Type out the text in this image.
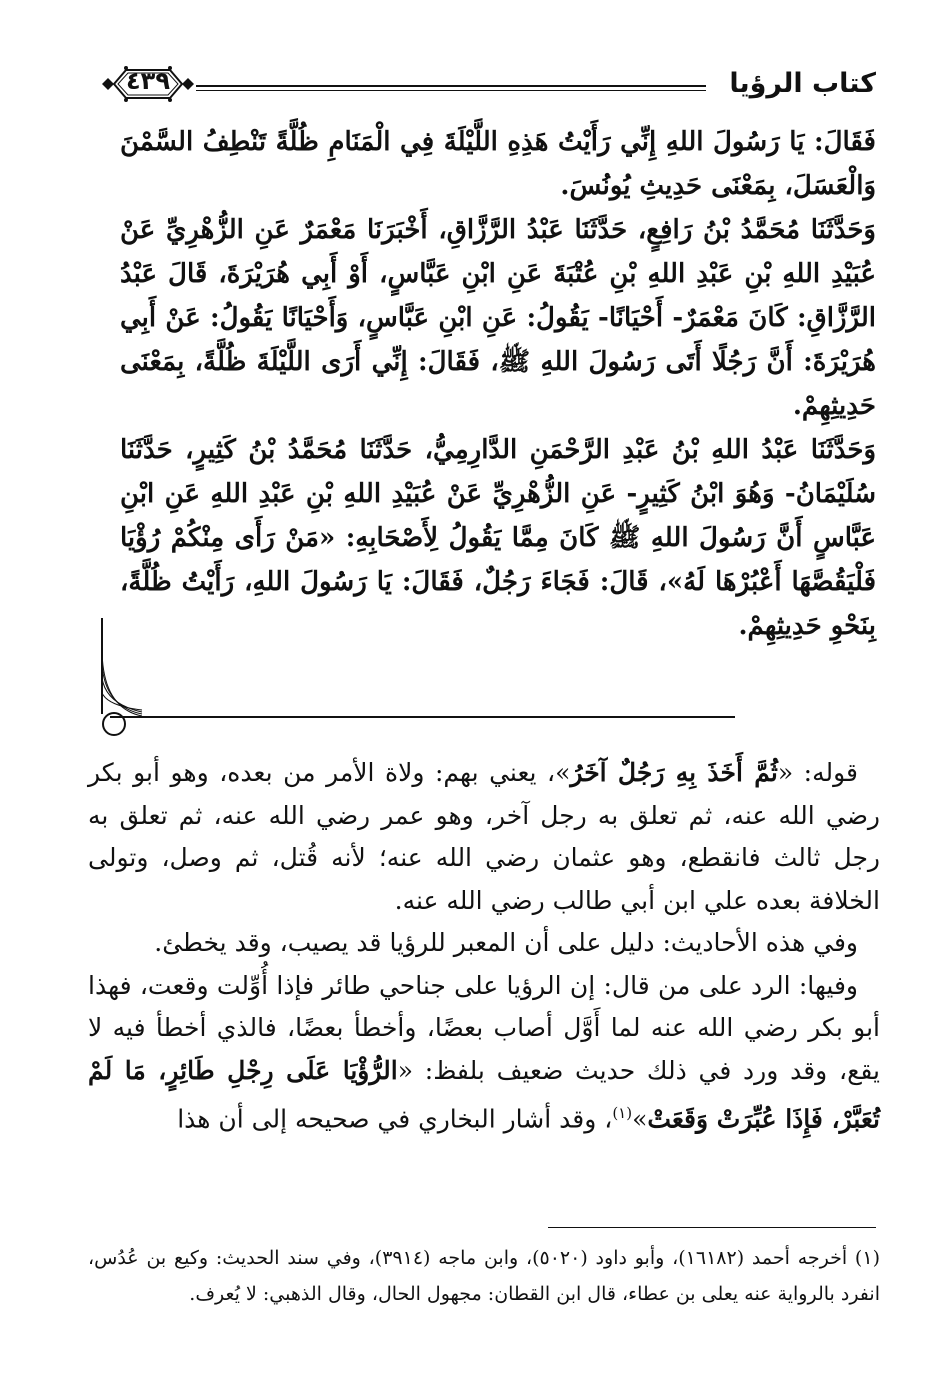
كتاب الرؤيا
٤٣٩

فَقَالَ: يَا رَسُولَ اللهِ إِنِّي رَأَيْتُ هَذِهِ اللَّيْلَةَ فِي الْمَنَامِ ظُلَّةً تَنْطِفُ السَّمْنَ وَالْعَسَلَ، بِمَعْنَى حَدِيثِ يُونُسَ.

وَحَدَّثَنَا مُحَمَّدُ بْنُ رَافِعٍ، حَدَّثَنَا عَبْدُ الرَّزَّاقِ، أَخْبَرَنَا مَعْمَرٌ عَنِ الزُّهْرِيِّ عَنْ عُبَيْدِ اللهِ بْنِ عَبْدِ اللهِ بْنِ عُتْبَةَ عَنِ ابْنِ عَبَّاسٍ، أَوْ أَبِي هُرَيْرَةَ، قَالَ عَبْدُ الرَّزَّاقِ: كَانَ مَعْمَرٌ- أَحْيَانًا- يَقُولُ: عَنِ ابْنِ عَبَّاسٍ، وَأَحْيَانًا يَقُولُ: عَنْ أَبِي هُرَيْرَةَ: أَنَّ رَجُلًا أَتَى رَسُولَ اللهِ ﷺ، فَقَالَ: إِنِّي أَرَى اللَّيْلَةَ ظُلَّةً، بِمَعْنَى حَدِيثِهِمْ.

وَحَدَّثَنَا عَبْدُ اللهِ بْنُ عَبْدِ الرَّحْمَنِ الدَّارِمِيُّ، حَدَّثَنَا مُحَمَّدُ بْنُ كَثِيرٍ، حَدَّثَنَا سُلَيْمَانُ- وَهُوَ ابْنُ كَثِيرٍ- عَنِ الزُّهْرِيِّ عَنْ عُبَيْدِ اللهِ بْنِ عَبْدِ اللهِ عَنِ ابْنِ عَبَّاسٍ أَنَّ رَسُولَ اللهِ ﷺ كَانَ مِمَّا يَقُولُ لِأَصْحَابِهِ: «مَنْ رَأَى مِنْكُمْ رُؤْيَا فَلْيَقُصَّهَا أَعْبُرْهَا لَهُ»، قَالَ: فَجَاءَ رَجُلٌ، فَقَالَ: يَا رَسُولَ اللهِ، رَأَيْتُ ظُلَّةً، بِنَحْوِ حَدِيثِهِمْ.

قوله: «ثُمَّ أَخَذَ بِهِ رَجُلٌ آخَرُ»، يعني بهم: ولاة الأمر من بعده، وهو أبو بكر رضي الله عنه، ثم تعلق به رجل آخر، وهو عمر رضي الله عنه، ثم تعلق به رجل ثالث فانقطع، وهو عثمان رضي الله عنه؛ لأنه قُتل، ثم وصل، وتولى الخلافة بعده علي ابن أبي طالب رضي الله عنه.

وفي هذه الأحاديث: دليل على أن المعبر للرؤيا قد يصيب، وقد يخطئ.

وفيها: الرد على من قال: إن الرؤيا على جناحي طائر فإذا أُوِّلت وقعت، فهذا أبو بكر رضي الله عنه لما أَوَّل أصاب بعضًا، وأخطأ بعضًا، فالذي أخطأ فيه لا يقع، وقد ورد في ذلك حديث ضعيف بلفظ: «الرُّؤْيَا عَلَى رِجْلِ طَائِرٍ، مَا لَمْ تُعَبَّرْ، فَإِذَا عُبِّرَتْ وَقَعَتْ»$^{(١)}$، وقد أشار البخاري في صحيحه إلى أن هذا

(١) أخرجه أحمد (١٦١٨٢)، وأبو داود (٥٠٢٠)، وابن ماجه (٣٩١٤)، وفي سند الحديث: وكيع بن عُدُس، انفرد بالرواية عنه يعلى بن عطاء، قال ابن القطان: مجهول الحال، وقال الذهبي: لا يُعرف.
